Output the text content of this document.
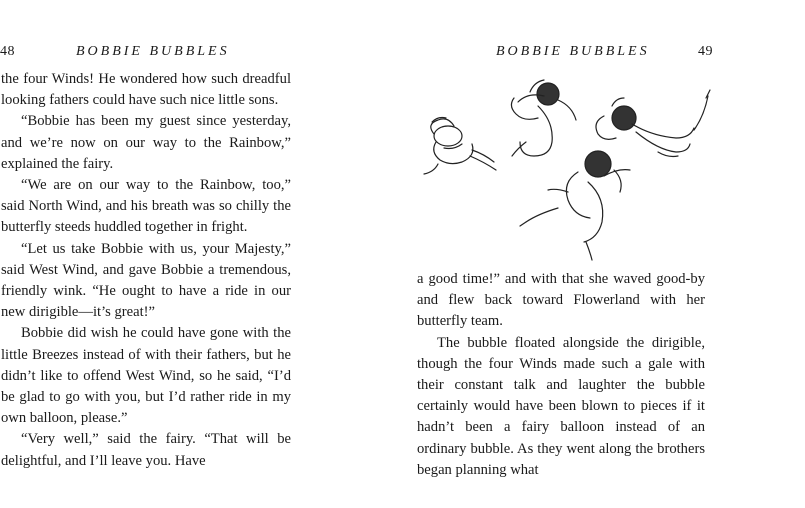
48	BOBBIE BUBBLES

the four Winds! He wondered how such dreadful looking fathers could have such nice little sons.

“Bobbie has been my guest since yesterday, and we’re now on our way to the Rainbow,” explained the fairy.

“We are on our way to the Rainbow, too,” said North Wind, and his breath was so chilly the butterfly steeds huddled together in fright.

“Let us take Bobbie with us, your Majesty,” said West Wind, and gave Bobbie a tremendous, friendly wink. “He ought to have a ride in our new dirigible—it’s great!”

Bobbie did wish he could have gone with the little Breezes instead of with their fathers, but he didn’t like to offend West Wind, so he said, “I’d be glad to go with you, but I’d rather ride in my own balloon, please.”

“Very well,” said the fairy. “That will be delightful, and I’ll leave you. Have

BOBBIE BUBBLES	49

a good time!” and with that she waved good-by and flew back toward Flowerland with her butterfly team.

The bubble floated alongside the dirigible, though the four Winds made such a gale with their constant talk and laughter the bubble certainly would have been blown to pieces if it hadn’t been a fairy balloon instead of an ordinary bubble. As they went along the brothers began planning what
